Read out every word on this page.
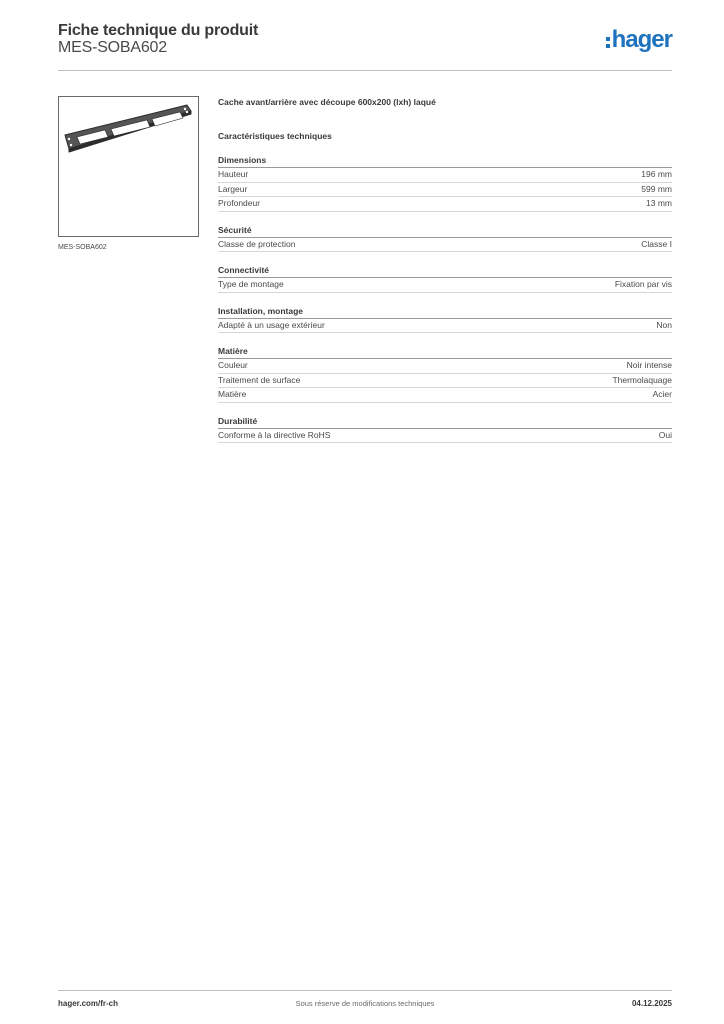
Fiche technique du produit
MES-SOBA602	hager
MES-SOBA602
Cache avant/arrière avec découpe 600x200 (lxh) laqué
Caractéristiques techniques
Dimensions
Hauteur	196 mm
Largeur	599 mm
Profondeur	13 mm
Sécurité
Classe de protection	Classe I
Connectivité
Type de montage	Fixation par vis
Installation, montage
Adapté à un usage extérieur	Non
Matière
Couleur	Noir intense
Traitement de surface	Thermolaquage
Matière	Acier
Durabilité
Conforme à la directive RoHS	Oui
hager.com/fr-ch	Sous réserve de modifications techniques	04.12.2025
